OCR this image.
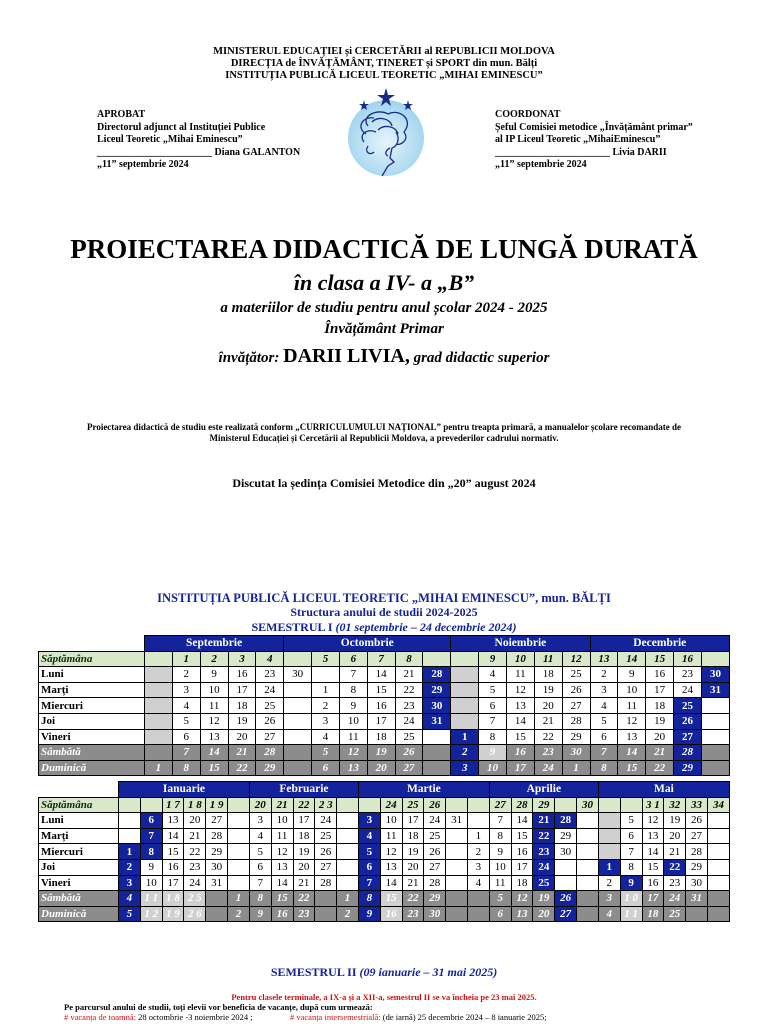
MINISTERUL EDUCAȚIEI și CERCETĂRII al REPUBLICII MOLDOVA
DIRECȚIA de ÎNVĂȚĂMÂNT, TINERET și SPORT din mun. Bălți
INSTITUȚIA PUBLICĂ LICEUL TEORETIC „MIHAI EMINESCU”
APROBAT
Directorul adjunct al Instituției Publice
Liceul Teoretic „Mihai Eminescu”
_______________________ Diana GALANTON
„11” septembrie 2024
COORDONAT
Șeful Comisiei metodice „Învățământ primar”
al IP Liceul Teoretic „MihaiEminescu”
_______________________ Livia DARII
„11” septembrie 2024
PROIECTAREA DIDACTICĂ DE LUNGĂ DURATĂ
în clasa a IV- a „B”
a materiilor de studiu pentru anul școlar 2024 - 2025
Învățământ Primar
învățător: DARII LIVIA, grad didactic superior
Proiectarea didactică de studiu este realizată conform „CURRICULUMULUI NAȚIONAL” pentru treapta primară, a manualelor școlare recomandate de
Ministerul Educației și Cercetării al Republicii Moldova, a prevederilor cadrului normativ.
Discutat la ședința Comisiei Metodice din „20” august 2024
INSTITUȚIA PUBLICĂ LICEUL TEORETIC „MIHAI EMINESCU”, mun. BĂLȚI
Structura anului de studii 2024-2025
SEMESTRUL I (01 septembrie – 24 decembrie 2024)
	Septembrie					Octombrie						Noiembrie					Decembrie				
Săptămâna		1	2	3	4		5	6	7	8			9	10	11	12	13	14	15	16	
Luni		2	9	16	23	30		7	14	21	28		4	11	18	25	2	9	16	23	30
Marți		3	10	17	24		1	8	15	22	29		5	12	19	26	3	10	17	24	31
Miercuri		4	11	18	25		2	9	16	23	30		6	13	20	27	4	11	18	25	
Joi		5	12	19	26		3	10	17	24	31		7	14	21	28	5	12	19	26	
Vineri		6	13	20	27		4	11	18	25		1	8	15	22	29	6	13	20	27	
Sâmbătă		7	14	21	28		5	12	19	26		2	9	16	23	30	7	14	21	28	
Duminică	1	8	15	22	29		6	13	20	27		3	10	17	24	1	8	15	22	29	
	Ianuarie						Februarie					Martie						Aprilie					Mai					
Săptămâna			1 7	1 8	1 9		20	21	22	2 3			24	25	26			27	28	29		30			3 1	32	33	34
Luni		6	13	20	27		3	10	17	24		3	10	17	24	31		7	14	21	28			5	12	19	26	
Marți		7	14	21	28		4	11	18	25		4	11	18	25		1	8	15	22	29			6	13	20	27	
Miercuri	1	8	15	22	29		5	12	19	26		5	12	19	26		2	9	16	23	30			7	14	21	28	
Joi	2	9	16	23	30		6	13	20	27		6	13	20	27		3	10	17	24			1	8	15	22	29	
Vineri	3	10	17	24	31		7	14	21	28		7	14	21	28		4	11	18	25			2	9	16	23	30	
Sâmbătă	4	1 1	1 8	2 5		1	8	15	22		1	8	15	22	29			5	12	19	26		3	1 0	17	24	31	
Duminică	5	1 2	1 9	2 6		2	9	16	23		2	9	16	23	30			6	13	20	27		4	1 1	18	25		
SEMESTRUL II (09 ianuarie – 31 mai 2025)
Pentru clasele terminale, a IX-a și a XII-a, semestrul II se va încheia pe 23 mai 2025.
Pe parcursul anului de studii, toți elevii vor beneficia de vacanțe, după cum urmează:
# vacanța de toamnă: 28 octombrie -3 noiembrie 2024 ;	# vacanța intersemestrială: (de iarnă) 25 decembrie 2024 – 8 ianuarie 2025;
